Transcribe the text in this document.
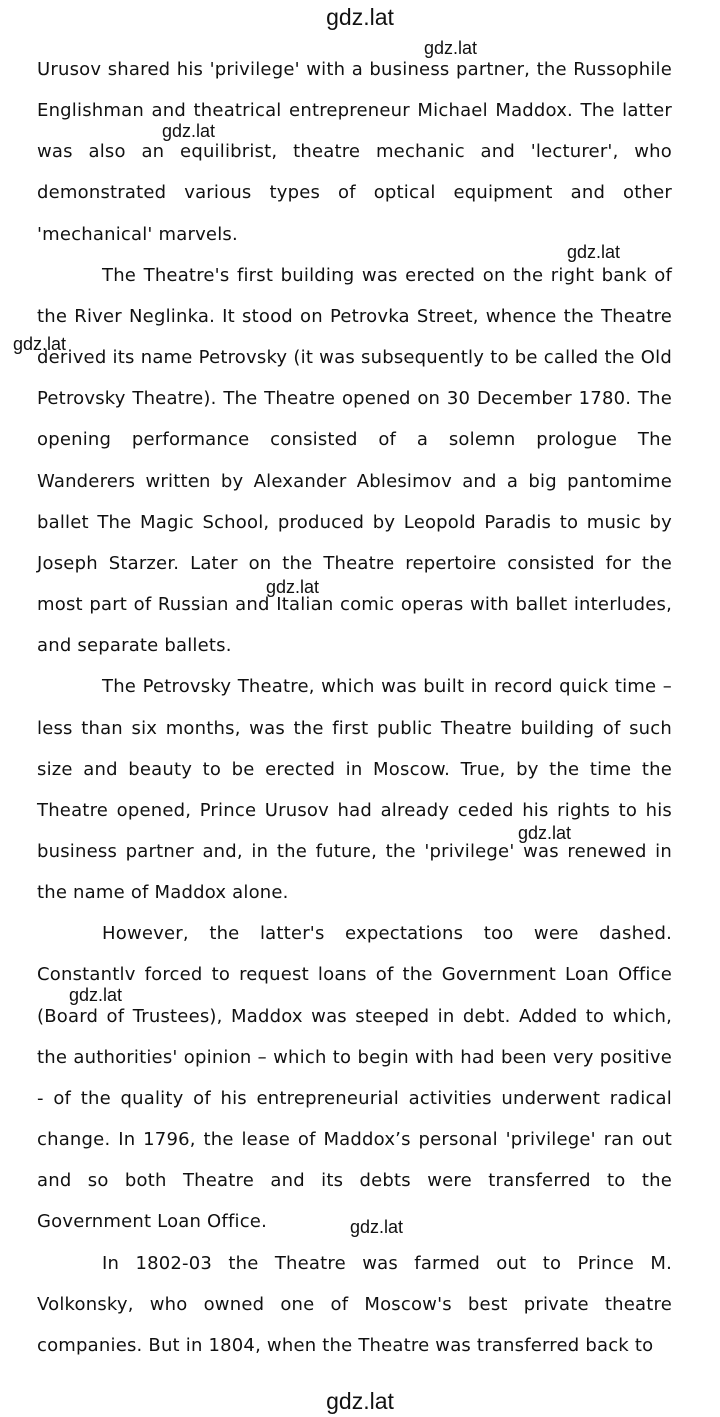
gdz.lat

Urusov shared his 'privilege' with a business partner, the Russophile Englishman and theatrical entrepreneur Michael Maddox. The latter was also an equilibrist, theatre mechanic and 'lecturer', who demonstrated various types of optical equipment and other 'mechanical' marvels.

The Theatre's first building was erected on the right bank of the River Neglinka. It stood on Petrovka Street, whence the Theatre derived its name Petrovsky (it was subsequently to be called the Old Petrovsky Theatre). The Theatre opened on 30 December 1780. The opening performance consisted of a solemn prologue The Wanderers written by Alexander Ablesimov and a big pantomime ballet The Magic School, produced by Leopold Paradis to music by Joseph Starzer. Later on the Theatre repertoire consisted for the most part of Russian and Italian comic operas with ballet interludes, and separate ballets.

The Petrovsky Theatre, which was built in record quick time – less than six months, was the first public Theatre building of such size and beauty to be erected in Moscow. True, by the time the Theatre opened, Prince Urusov had already ceded his rights to his business partner and, in the future, the 'privilege' was renewed in the name of Maddox alone.

However, the latter's expectations too were dashed. Constantlv forced to request loans of the Government Loan Office (Board of Trustees), Maddox was steeped in debt. Added to which, the authorities' opinion – which to begin with had been very positive - of the quality of his entrepreneurial activities underwent radical change. In 1796, the lease of Maddox’s personal 'privilege' ran out and so both Theatre and its debts were transferred to the Government Loan Office.

In 1802-03 the Theatre was farmed out to Prince M. Volkonsky, who owned one of Moscow's best private theatre companies. But in 1804, when the Theatre was transferred back to

gdz.lat
gdz.lat
gdz.lat
gdz.lat
gdz.lat
gdz.lat
gdz.lat
gdz.lat
gdz.lat
